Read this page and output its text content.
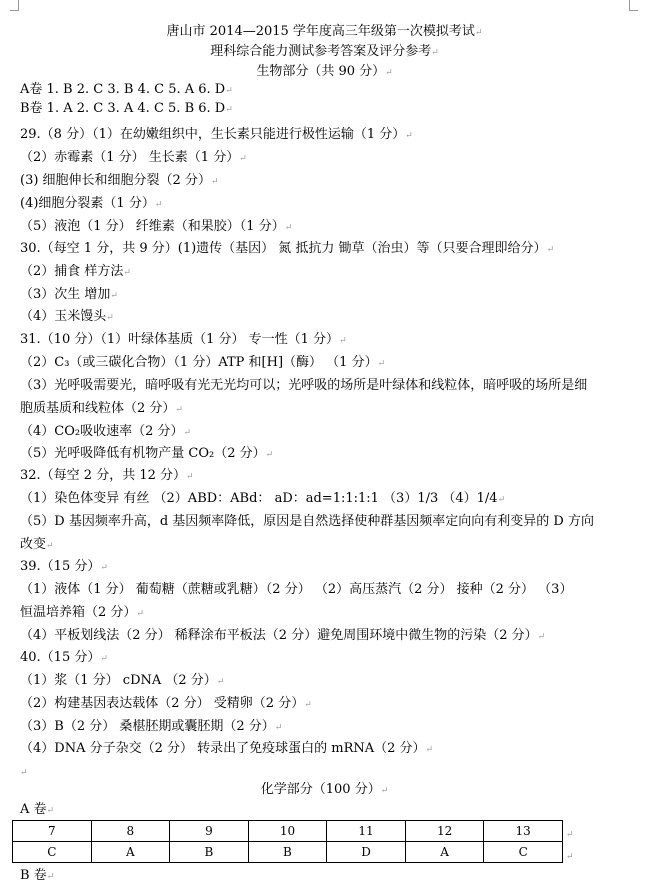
唐山市 2014—2015 学年度高三年级第一次模拟考试↵
理科综合能力测试参考答案及评分参考↵
生物部分（共 90 分）↵
A卷 1. B 2. C 3. B 4. C 5. A 6. D↵
B卷 1. A 2. C 3. A 4. C 5. B 6. D↵
29.（8 分）（1）在幼嫩组织中，生长素只能进行极性运输（1 分）↵
（2）赤霉素（1 分） 生长素（1 分）↵
(3) 细胞伸长和细胞分裂（2 分）↵
(4)细胞分裂素（1 分）↵
（5）液泡（1 分） 纤维素（和果胶）（1 分）↵
30.（每空 1 分，共 9 分）(1)遗传（基因） 氮 抵抗力 锄草（治虫）等（只要合理即给分）↵
（2）捕食 样方法↵
（3）次生 增加↵
（4）玉米馒头↵
31.（10 分）（1）叶绿体基质（1 分） 专一性（1 分）↵
（2）C₃（或三碳化合物）（1 分）ATP 和[H]（酶） （1 分）↵
（3）光呼吸需要光，暗呼吸有光无光均可以；光呼吸的场所是叶绿体和线粒体，暗呼吸的场所是细
胞质基质和线粒体（2 分）↵
（4）CO₂吸收速率（2 分）↵
（5）光呼吸降低有机物产量 CO₂（2 分）↵
32.（每空 2 分，共 12 分）↵
（1）染色体变异 有丝 （2）ABD：ABd： aD：ad=1:1:1:1 （3）1/3 （4）1/4↵
（5）D 基因频率升高，d 基因频率降低，原因是自然选择使种群基因频率定向向有利变异的 D 方向
改变↵
39.（15 分）↵
（1）液体（1 分） 葡萄糖（蔗糖或乳糖）（2 分） （2）高压蒸汽（2 分） 接种（2 分） （3）
恒温培养箱（2 分）↵
（4）平板划线法（2 分） 稀释涂布平板法（2 分）避免周围环境中微生物的污染（2 分）↵
40.（15 分）↵
（1）浆（1 分） cDNA （2 分）↵
（2）构建基因表达载体（2 分） 受精卵（2 分）↵
（3）B（2 分） 桑椹胚期或囊胚期（2 分）↵
（4）DNA 分子杂交（2 分） 转录出了免疫球蛋白的 mRNA（2 分）↵
↵
化学部分（100 分）↵
A 卷↵
7	8	9	10	11	12	13
C	A	B	B	D	A	C
↵
↵
B 卷↵
